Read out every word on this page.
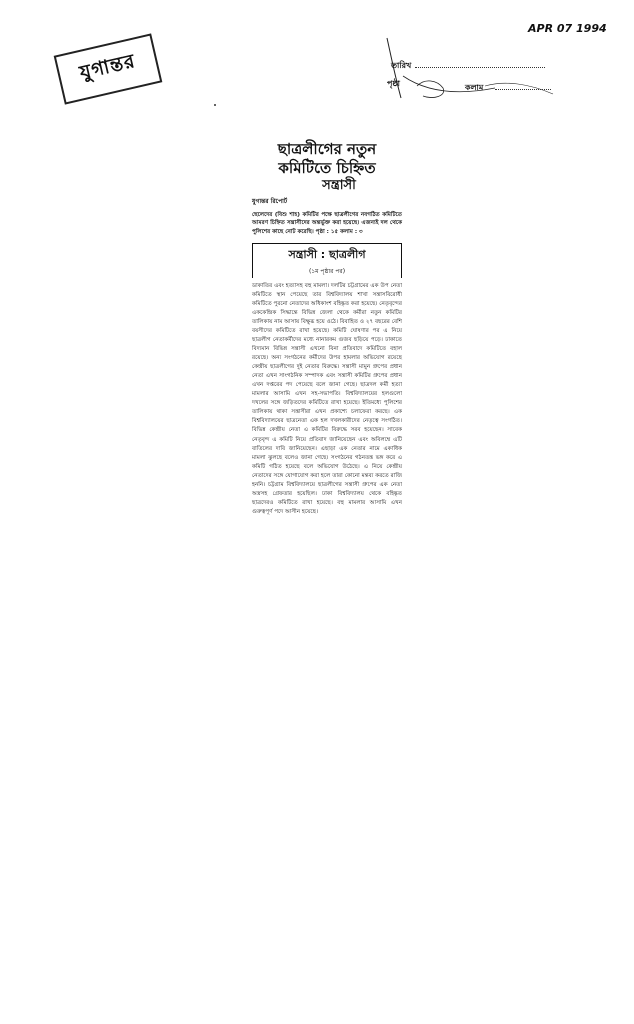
যুগান্তর
APR 07 1994
তারিখ
পৃষ্ঠা	কলাম
ছাত্রলীগের নতুন
কমিটিতে চিহ্নিত
সন্ত্রাসী
যুগান্তর রিপোর্ট
ছেলেদের (বিশু শাহ) কমিটির পক্ষে ছাত্রলীগের নবগঠিত কমিটিতে আমরণ চিহ্নিত সন্ত্রাসীদের অন্তর্ভুক্ত করা হয়েছে। এজন্যই দল থেকে পুলিশের কাছে নোট করেছি। পৃষ্ঠা : ১৫ কলাম : ৩
সন্ত্রাসী : ছাত্রলীগ
(১ম পৃষ্ঠার পর)

ডাকাতির এবং হত্যাসহ বহু মামলা। দলটির চট্টগ্রামের এক উপ নেতা কমিটিতে স্থান পেয়েছে তার বিশ্ববিদ্যালয় শাখা সন্ত্রাসবিরোধী কমিটিতে পুরনো নেতাদের অধিকাংশ বহিষ্কৃত করা হয়েছে। নেতৃবৃন্দের এককেন্দ্রিক সিদ্ধান্তে বিভিন্ন জেলা থেকে কর্মীরা নতুন কমিটির তালিকায় নাম আসায় বিক্ষুব্ধ হয়ে ওঠে। বিবাহিত ও ২৭ বছরের বেশি বয়সীদের কমিটিতে রাখা হয়েছে। কমিটি ঘোষণার পর এ নিয়ে ছাত্রলীগ নেতাকর্মীদের মধ্যে নানারকম গুজব ছড়িয়ে পড়ে। ঢাকাতে বিদ্যমান বিভিন্ন সন্ত্রাসী এখনো বিনা প্রতিবাদে কমিটিতে বহাল রয়েছে। অন্য সংগঠনের কর্মীদের উপর হামলার অভিযোগ রয়েছে কেন্দ্রীয় ছাত্রলীগের দুই নেতার বিরুদ্ধে। সন্ত্রাসী মামুন গ্রুপের প্রধান নেতা এখন সাংগঠনিক সম্পাদক এবং সন্ত্রাসী কমিটির গ্রুপের প্রধান এখন দপ্তরের পদ পেয়েছে বলে জানা গেছে। ছাত্রদল কর্মী হত্যা মামলার আসামি এখন সহ-সভাপতি। বিশ্ববিদ্যালয়ের হলগুলো দখলের সঙ্গে জড়িতদের কমিটিতে রাখা হয়েছে। ইতিমধ্যে পুলিশের তালিকায় থাকা সন্ত্রাসীরা এখন প্রকাশ্যে চলাফেরা করছে। এক বিশ্ববিদ্যালয়ের ছাত্রনেতা এক হল দখলকারীদের নেতৃত্বে সংগঠিত। বিভিন্ন কেন্দ্রীয় নেতা এ কমিটির বিরুদ্ধে সরব হয়েছেন। সাবেক নেতৃবৃন্দ এ কমিটি নিয়ে প্রতিবাদ জানিয়েছেন এবং অবিলম্বে এটি বাতিলের দাবি জানিয়েছেন। এছাড়া এক নেতার নামে একাধিক মামলা ঝুলছে বলেও জানা গেছে। সংগঠনের গঠনতন্ত্র ভঙ্গ করে এ কমিটি গঠিত হয়েছে বলে অভিযোগ উঠেছে। এ নিয়ে কেন্দ্রীয় নেতাদের সঙ্গে যোগাযোগ করা হলে তারা কোনো মন্তব্য করতে রাজি হননি। চট্টগ্রাম বিশ্ববিদ্যালয়ে ছাত্রলীগের সন্ত্রাসী গ্রুপের এক নেতা অস্ত্রসহ গ্রেফতার হয়েছিল। ঢাকা বিশ্ববিদ্যালয় থেকে বহিষ্কৃত ছাত্রদেরও কমিটিতে রাখা হয়েছে। বহু মামলার আসামি এখন গুরুত্বপূর্ণ পদে আসীন হয়েছে।
